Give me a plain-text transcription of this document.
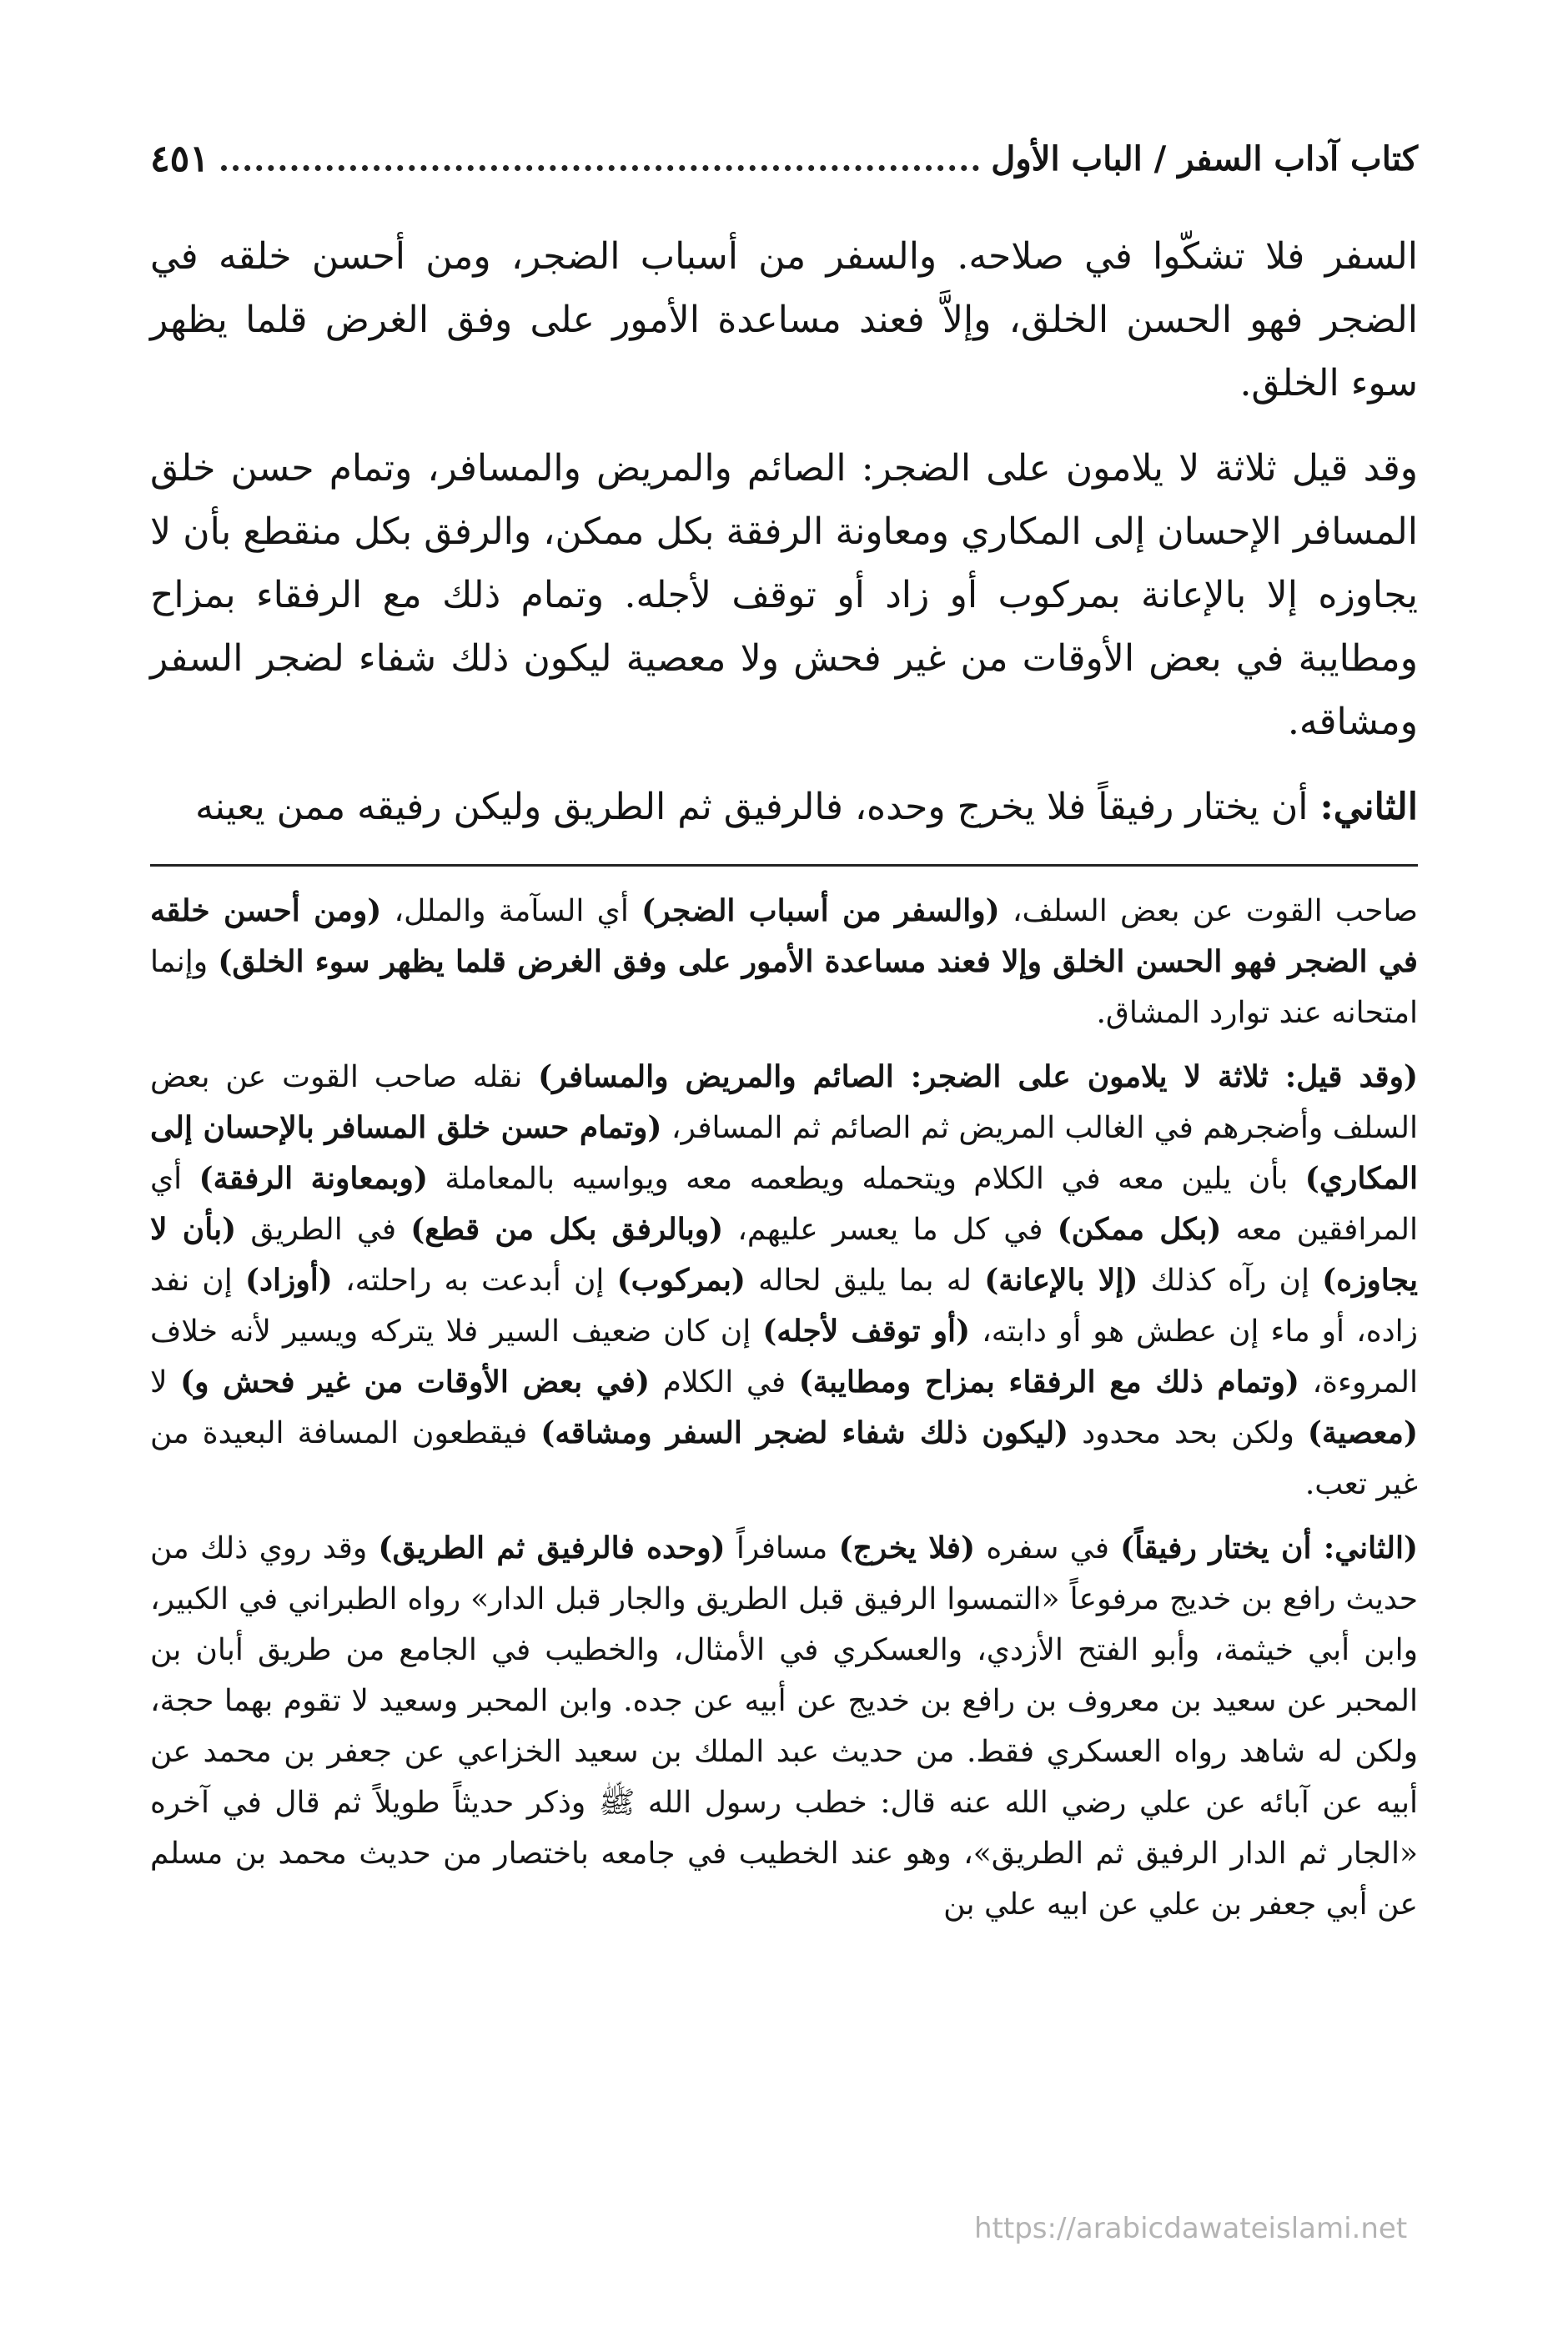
٤٥١	كتاب آداب السفر / الباب الأول

السفر فلا تشكّوا في صلاحه. والسفر من أسباب الضجر، ومن أحسن خلقه في الضجر فهو الحسن الخلق، وإلاَّ فعند مساعدة الأمور على وفق الغرض قلما يظهر سوء الخلق.

وقد قيل ثلاثة لا يلامون على الضجر: الصائم والمريض والمسافر، وتمام حسن خلق المسافر الإحسان إلى المكاري ومعاونة الرفقة بكل ممكن، والرفق بكل منقطع بأن لا يجاوزه إلا بالإعانة بمركوب أو زاد أو توقف لأجله. وتمام ذلك مع الرفقاء بمزاح ومطايبة في بعض الأوقات من غير فحش ولا معصية ليكون ذلك شفاء لضجر السفر ومشاقه.

الثاني: أن يختار رفيقاً فلا يخرج وحده، فالرفيق ثم الطريق وليكن رفيقه ممن يعينه

صاحب القوت عن بعض السلف، (والسفر من أسباب الضجر) أي السآمة والملل، (ومن أحسن خلقه في الضجر فهو الحسن الخلق وإلا فعند مساعدة الأمور على وفق الغرض قلما يظهر سوء الخلق) وإنما امتحانه عند توارد المشاق.

(وقد قيل: ثلاثة لا يلامون على الضجر: الصائم والمريض والمسافر) نقله صاحب القوت عن بعض السلف وأضجرهم في الغالب المريض ثم الصائم ثم المسافر، (وتمام حسن خلق المسافر بالإحسان إلى المكاري) بأن يلين معه في الكلام ويتحمله ويطعمه معه ويواسيه بالمعاملة (وبمعاونة الرفقة) أي المرافقين معه (بكل ممكن) في كل ما يعسر عليهم، (وبالرفق بكل من قطع) في الطريق (بأن لا يجاوزه) إن رآه كذلك (إلا بالإعانة) له بما يليق لحاله (بمركوب) إن أبدعت به راحلته، (أوزاد) إن نفد زاده، أو ماء إن عطش هو أو دابته، (أو توقف لأجله) إن كان ضعيف السير فلا يتركه ويسير لأنه خلاف المروءة، (وتمام ذلك مع الرفقاء بمزاح ومطايبة) في الكلام (في بعض الأوقات من غير فحش و) لا (معصية) ولكن بحد محدود (ليكون ذلك شفاء لضجر السفر ومشاقه) فيقطعون المسافة البعيدة من غير تعب.

(الثاني: أن يختار رفيقاً) في سفره (فلا يخرج) مسافراً (وحده فالرفيق ثم الطريق) وقد روي ذلك من حديث رافع بن خديج مرفوعاً «التمسوا الرفيق قبل الطريق والجار قبل الدار» رواه الطبراني في الكبير، وابن أبي خيثمة، وأبو الفتح الأزدي، والعسكري في الأمثال، والخطيب في الجامع من طريق أبان بن المحبر عن سعيد بن معروف بن رافع بن خديج عن أبيه عن جده. وابن المحبر وسعيد لا تقوم بهما حجة، ولكن له شاهد رواه العسكري فقط. من حديث عبد الملك بن سعيد الخزاعي عن جعفر بن محمد عن أبيه عن آبائه عن علي رضي الله عنه قال: خطب رسول الله ﷺ وذكر حديثاً طويلاً ثم قال في آخره «الجار ثم الدار الرفيق ثم الطريق»، وهو عند الخطيب في جامعه باختصار من حديث محمد بن مسلم عن أبي جعفر بن علي عن ابيه علي بن

https://arabicdawateislami.net
